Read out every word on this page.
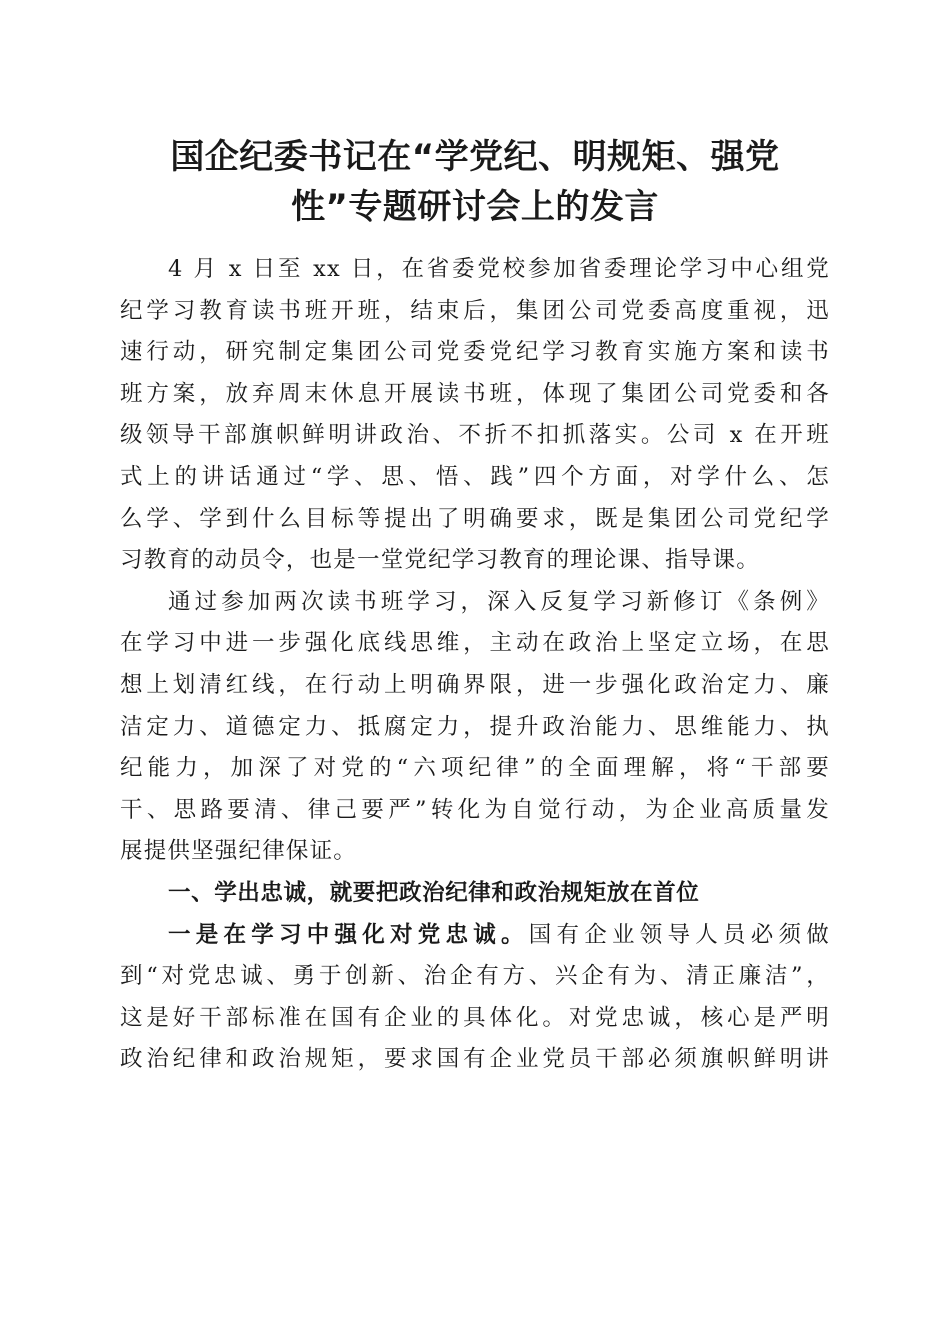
国企纪委书记在“学党纪、明规矩、强党
性”专题研讨会上的发言

4 月 x 日至 xx 日，在省委党校参加省委理论学习中心组党
纪学习教育读书班开班，结束后，集团公司党委高度重视，迅
速行动，研究制定集团公司党委党纪学习教育实施方案和读书
班方案，放弃周末休息开展读书班，体现了集团公司党委和各
级领导干部旗帜鲜明讲政治、不折不扣抓落实。公司 x 在开班
式上的讲话通过“学、思、悟、践”四个方面，对学什么、怎
么学、学到什么目标等提出了明确要求，既是集团公司党纪学
习教育的动员令，也是一堂党纪学习教育的理论课、指导课。

通过参加两次读书班学习，深入反复学习新修订《条例》
在学习中进一步强化底线思维，主动在政治上坚定立场，在思
想上划清红线，在行动上明确界限，进一步强化政治定力、廉
洁定力、道德定力、抵腐定力，提升政治能力、思维能力、执
纪能力，加深了对党的“六项纪律”的全面理解，将“干部要
干、思路要清、律己要严”转化为自觉行动，为企业高质量发
展提供坚强纪律保证。

一、学出忠诚，就要把政治纪律和政治规矩放在首位

一是在学习中强化对党忠诚。国有企业领导人员必须做
到“对党忠诚、勇于创新、治企有方、兴企有为、清正廉洁”，
这是好干部标准在国有企业的具体化。对党忠诚，核心是严明
政治纪律和政治规矩，要求国有企业党员干部必须旗帜鲜明讲
